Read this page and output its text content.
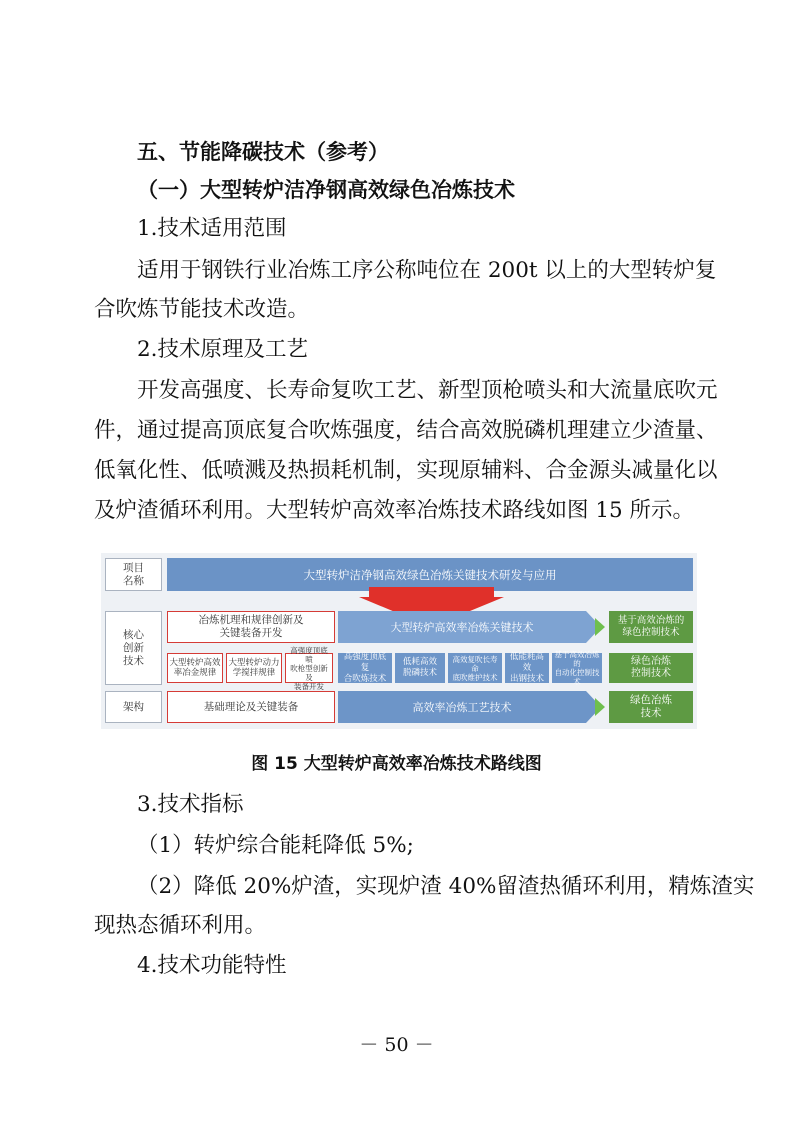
五、节能降碳技术（参考）
（一）大型转炉洁净钢高效绿色冶炼技术
1.技术适用范围
适用于钢铁行业冶炼工序公称吨位在 200t 以上的大型转炉复
合吹炼节能技术改造。
2.技术原理及工艺
开发高强度、长寿命复吹工艺、新型顶枪喷头和大流量底吹元
件，通过提高顶底复合吹炼强度，结合高效脱磷机理建立少渣量、
低氧化性、低喷溅及热损耗机制，实现原辅料、合金源头减量化以
及炉渣循环利用。大型转炉高效率冶炼技术路线如图 15 所示。
项目
名称
核心
创新
技术
架构
大型转炉洁净钢高效绿色冶炼关键技术研发与应用
冶炼机理和规律创新及
关键装备开发	大型转炉高效率冶炼关键技术
基于高效冶炼的
绿色控制技术
大型转炉高效
率冶金规律
大型转炉动力
学搅拌规律
高强度顶底喷
吹枪型创新及
装备开发
高强度顶底复
合吹炼技术
低耗高效
脱磷技术
高效复吹长寿命
底吹维护技术
低能耗高效
出钢技术
基于高效冶炼的
自动化控制技术
绿色冶炼
控制技术
基础理论及关键装备	高效率冶炼工艺技术
绿色冶炼
技术
图 15 大型转炉高效率冶炼技术路线图
3.技术指标
（1）转炉综合能耗降低 5%;
（2）降低 20%炉渣，实现炉渣 40%留渣热循环利用，精炼渣实
现热态循环利用。
4.技术功能特性
－ 50 －
